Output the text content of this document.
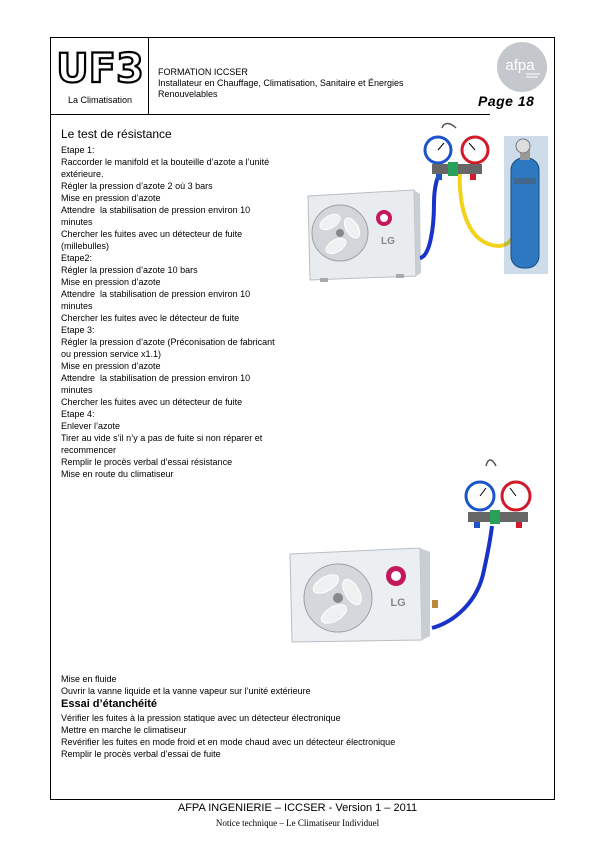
UF3
La Climatisation
FORMATION ICCSER
Installateur en Chauffage, Climatisation, Sanitaire et Énergies
Renouvelables
afpa
Page 18
Le test de résistance
Etape 1:
Raccorder le manifold et la bouteille d’azote a l’unité
extérieure.
Régler la pression d’azote 2 où 3 bars
Mise en pression d’azote
Attendre  la stabilisation de pression environ 10
minutes
Chercher les fuites avec un détecteur de fuite
(millebulles)
Etape2:
Régler la pression d’azote 10 bars
Mise en pression d’azote
Attendre  la stabilisation de pression environ 10
minutes
Chercher les fuites avec le détecteur de fuite
Etape 3:
Régler la pression d’azote (Préconisation de fabricant
ou pression service x1.1)
Mise en pression d’azote
Attendre  la stabilisation de pression environ 10
minutes
Chercher les fuites avec un détecteur de fuite
Etape 4:
Enlever l’azote
Tirer au vide s’il n’y a pas de fuite si non réparer et
recommencer
Remplir le procès verbal d’essai résistance
Mise en route du climatiseur
LG
LG
Mise en fluide
Ouvrir la vanne liquide et la vanne vapeur sur l’unité extérieure
Essai d’étanchéité
Vérifier les fuites à la pression statique avec un détecteur électronique
Mettre en marche le climatiseur
Revérifier les fuites en mode froid et en mode chaud avec un détecteur électronique
Remplir le procès verbal d’essai de fuite
AFPA INGENIERIE – ICCSER - Version 1 – 2011
Notice technique – Le Climatiseur Individuel
